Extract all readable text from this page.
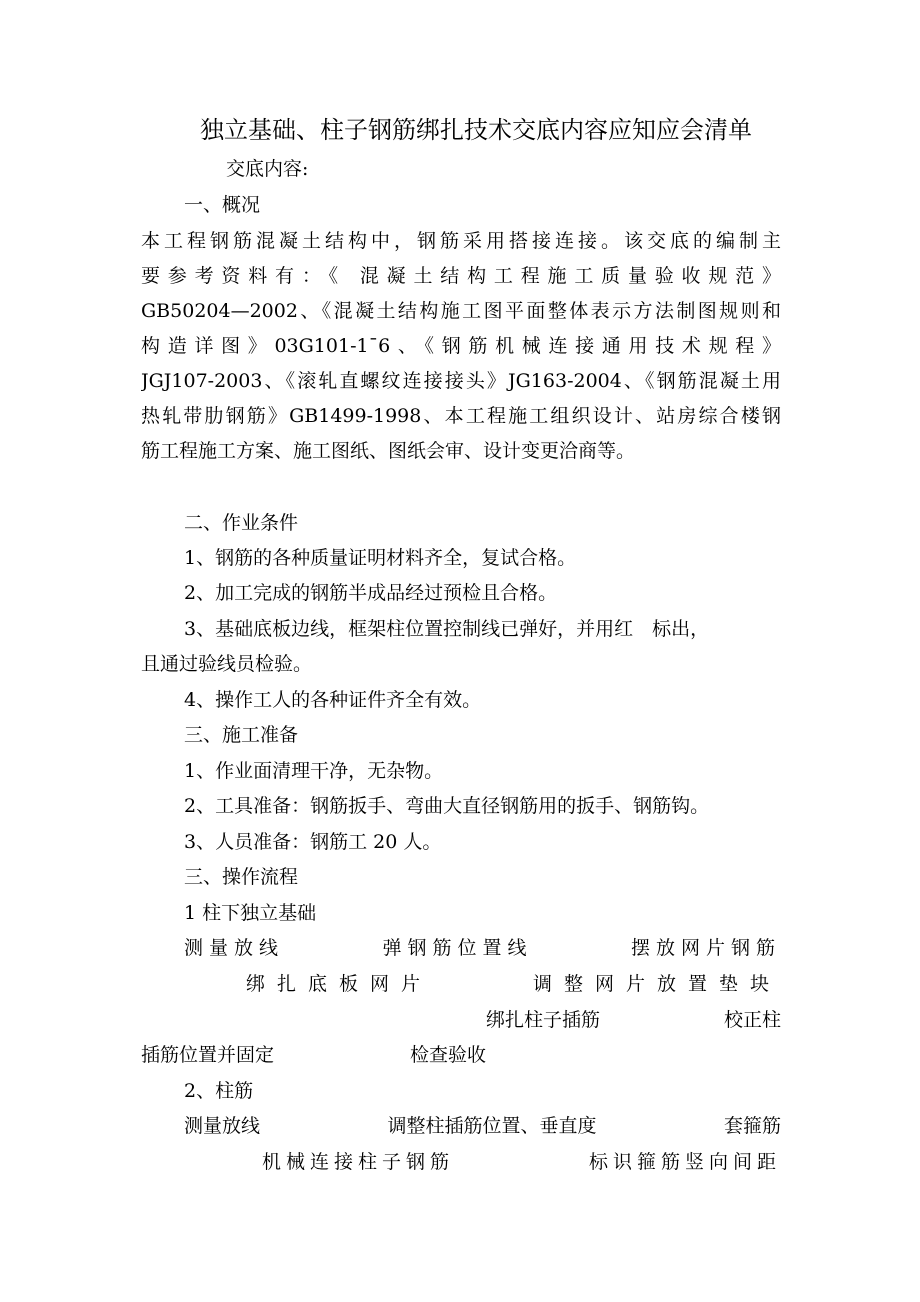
独立基础、柱子钢筋绑扎技术交底内容应知应会清单
交底内容:
一、概况
本工程钢筋混凝土结构中，钢筋采用搭接连接。该交底的编制主
要参考资料有：《 混凝土结构工程施工质量验收规范》
GB50204—2002、《混凝土结构施工图平面整体表示方法制图规则和
构造详图》03G101-1¯6、《钢筋机械连接通用技术规程》
JGJ107-2003、《滚轧直螺纹连接接头》JG163-2004、《钢筋混凝土用
热轧带肋钢筋》GB1499-1998、本工程施工组织设计、站房综合楼钢
筋工程施工方案、施工图纸、图纸会审、设计变更洽商等。
二、作业条件
1、钢筋的各种质量证明材料齐全，复试合格。
2、加工完成的钢筋半成品经过预检且合格。
3、基础底板边线，框架柱位置控制线已弹好，并用红　标出，
且通过验线员检验。
4、操作工人的各种证件齐全有效。
三、施工准备
1、作业面清理干净，无杂物。
2、工具准备：钢筋扳手、弯曲大直径钢筋用的扳手、钢筋钩。
3、人员准备：钢筋工 20 人。
三、操作流程
1 柱下独立基础
测量放线	弹钢筋位置线	摆放网片钢筋
绑扎底板网片	调整网片放置垫块
绑扎柱子插筋	校正柱
插筋位置并固定	检查验收
2、柱筋
测量放线	调整柱插筋位置、垂直度	套箍筋
机械连接柱子钢筋	标识箍筋竖向间距
